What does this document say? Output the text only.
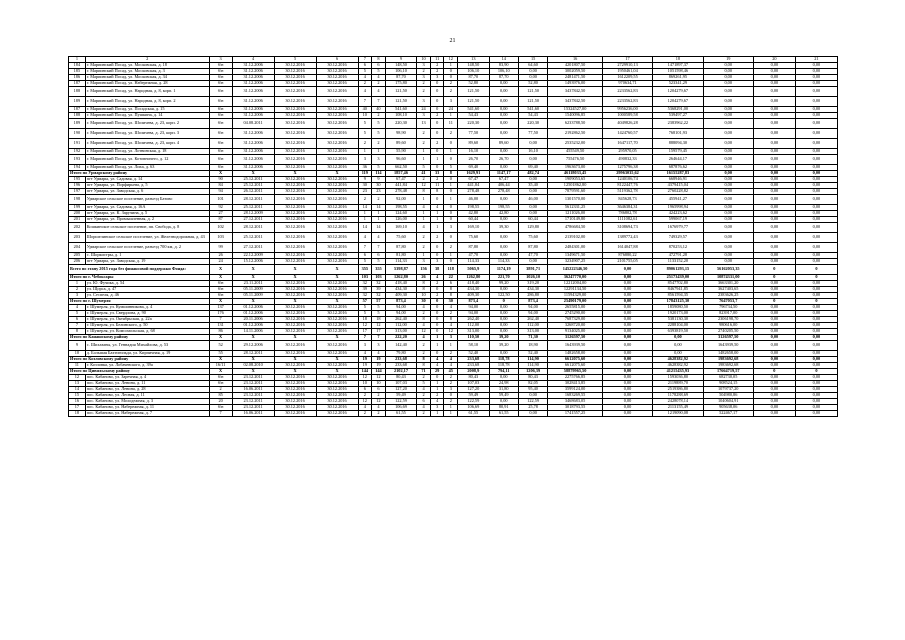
21
1	2	3	4	5	6	7	8	9	10	11	12	13	14	15	16	17	18	19	20	21
184	г. Мариинский Посад, ул. Московская, д. 18	б/н	31.12.2006	30.12.2016	30.12.2016	6	6	148,50	3	2	1	148,50	83,90	64,60	4201807,50	2729910,13	1471897,37	0,00	0,00	0,00
185	г. Мариинский Посад, ул. Московская, д. 3	б/н	31.12.2006	30.12.2016	30.12.2016	5	5	106,10	2	2	0	106,10	106,10	0,00	3002059,50	1950461,04	1051598,46	0,00	0,00	0,00
186	г. Мариинский Посад, ул. Московская, д. 34	б/н	31.12.2006	30.12.2016	30.12.2016	4	4	87,70	3	3	0	87,70	87,70	0,00	2481471,50	1612209,55	869261,95	0,00	0,00	0,00
187	г. Мариинский Посад, ул. Набережная, д. 28	б/н	31.12.2006	30.12.2016	30.12.2016	2	2	175,80	2	0	2	52,80	0,00	52,80	1493976,00	970634,71	523341,29	0,00	0,00	0,00
188	г. Мариинский Посад, ул. Народная, д. 8, корп. 1	б/н	31.12.2006	30.12.2016	30.12.2016	4	4	121,50	2	0	2	121,50	0,00	121,50	3437842,50	2233562,83	1204279,67	0,00	0,00	0,00
189	г. Мариинский Посад, ул. Народная, д. 8, корп. 2	б/н	31.12.2006	30.12.2016	30.12.2016	7	7	121,50	3	0	3	121,50	0,00	121,50	3437842,50	2233562,83	1204279,67	0,00	0,00	0,00
187	г. Мариинский Посад, ул. Посадская, д. 15	б/н	31.12.2006	30.12.2016	30.12.2016	40	40	541,60	24	0	24	541,60	0,00	541,60	15324527,00	9956236,00	5368291,00	0,00	0,00	0,00
188	г. Мариинский Посад, ул. Пушкина, д. 14	б/н	31.12.2006	30.12.2016	30.12.2016	10	2	108,10	3	2	1	54,43	0,00	54,43	1540096,85	1000589,58	539497,27	0,00	0,00	0,00
189	г. Мариинский Посад, ул. Шоличева, д. 23, корп. 2	б/н	04.08.2011	30.12.2016	30.12.2016	5	5	220,30	13	0	11	220,30	0,00	220,30	6233788,50	4049826,28	2383962,22	0,00	0,00	0,00
190	г. Мариинский Посад, ул. Шоличева, д. 23, корп. 3	б/н	31.12.2006	30.12.2016	30.12.2016	5	5	98,90	2	0	2	77,50	0,00	77,50	2192862,50	1424760,57	768101,93	0,00	0,00	0,00
191	г. Мариинский Посад, ул. Шоличева, д. 23, корп. 4	б/н	31.12.2006	30.12.2016	30.12.2016	2	2	89,60	2	2	0	89,60	89,60	0,00	2535232,00	1647117,70	888094,30	0,00	0,00	0,00
192	г. Мариинский Посад, ул. Лотвинская, д. 18	б/н	31.12.2006	30.12.2016	30.12.2016	1	1	55,90	1	0	1	16,10	0,00	16,10	455549,50	295970,05	159579,45	0,00	0,00	0,00
193	г. Мариинский Посад, ул. Котовничего, д. 12	б/н	31.12.2006	30.12.2016	30.12.2016	3	3	96,60	1	1	0	26,70	26,70	0,00	755476,50	490832,33	264644,17	0,00	0,00	0,00
194	г. Мариинский Посад, ул. Лиха, д. 63	б/н	31.12.2006	30.12.2016	30.12.2016	36	5	662,50	5	0	5	69,40	0,00	69,40	1963673,00	1275796,38	687876,62	0,00	0,00	0,00
Итого по Урмарскому району		X	X	X	X	119	114	1857,46	41	33	8	1629,91	1147,17	482,74	46118033,45	29963035,62	16155287,83	0,00	0,00	0,00
195	пгт Урмары, ул. Садовая, д. 14	90	25.12.2011	30.12.2016	30.12.2016	9	9	67,47	2	2	0	67,47	67,47	0,00	1909053,65	1240106,74	668946,91	0,00	0,00	0,00
196	пгт Урмары, ул. Порфирьева, д. 5	84	25.12.2011	30.12.2016	30.12.2016	30	30	441,84	12	11	1	441,84	406,44	35,40	12501862,80	8122447,76	4379415,04	0,00	0,00	0,00
197	пгт Урмары, ул. Заводская, д. 6	94	26.12.2011	30.12.2016	30.12.2016	23	23	278,48	8	8	0	278,48	278,48	0,00	7879591,60	5119362,78	2760228,82	0,00	0,00	0,00
198	Урмарское сельское поселение, разъезд Батово	101	28.12.2011	30.12.2016	30.12.2016	2	2	92,00	1	0	1	46,00	0,00	46,00	1301570,00	845628,73	455941,27	0,00	0,00	0,00
199	пгт Урмары, ул. Садовая, д. 16А	92	25.12.2011	30.12.2016	30.12.2016	14	14	198,55	4	4	0	198,55	198,55	0,00	5612331,25	3646384,31	1965998,94	0,00	0,00	0,00
200	пгт Урмары, ул. К. Заручина, д. 5	27	28.12.2009	30.12.2016	30.12.2016	1	1	124,60	1	1	0	42,80	42,80	0,00	1211026,00	786802,78	424223,62	0,00	0,00	0,00
201	пгт Урмары, ул. Промышленная, д. 2	87	27.12.2011	30.12.2016	30.12.2016	1	1	126,00	1	1	0	60,44	0,00	60,44	1710149,80	1111082,61	599067,19	0,00	0,00	0,00
202	Кошкинское сельское поселение, пп. Свобода, д. 8	102	28.12.2011	30.12.2016	30.12.2016	14	14	169,10	4	1	3	169,10	39,30	129,80	4786684,50	3108694,73	1676979,77	0,00	0,00	0,00
203	Шоршелинское сельское поселение, ул. Железнодорожная, д. 43	103	25.12.2011	30.12.2016	30.12.2016	4	4	75,60	2	2	0	75,60	0,00	75,60	2139102,00	1389772,43	749329,57	0,00	0,00	0,00
204	Урмарское сельское поселение, разъезд 700 км, д. 2	99	27.12.2011	30.12.2016	30.12.2016	7	7	87,80	2	0	2	87,80	0,00	87,80	2484301,00	1614047,88	870253,12	0,00	0,00	0,00
205	с. Шоркистры, д. 1	26	22.12.2009	30.12.2016	30.12.2016	6	6	81,80	1	0	1	47,70	0,00	47,70	1349671,50	876880,22	472791,28	0,00	0,00	0,00
206	пгт Урмары, ул. Заводская, д. 19	24	15.12.2006	30.12.2016	30.12.2016	5	5	114,33	3	3	0	114,33	114,33	0,00	3234907,25	2101755,05	1133152,20	0,00	0,00	0,00
Всего по этапу 2015 года без финансовой поддержки Фонда:		X	X	X	X	355	355	5398,87	156	38	118	5065,9	1174,19	3891,71	145222346,50	0,00	89061293,15	56162053,35	0	0
Итого по г. Чебоксары		X	X	X	X	103	103	1262,80	26	4	22	1262,80	221,70	1026,10	36247770,00	0,00	25173439,00	10874331,00	0	0
1	ул. Ю. Фучика, д. 54	б/н	23.11.2011	30.12.2016	30.12.2016	32	32	418,40	8	2	6	418,40	99,20	319,20	12212004,00	0,00	8547702,80	3663301,20	0,00	0,00
2	ул. Щорса, д. 47	б/н	05.11.2009	30.12.2016	30.12.2016	39	39	434,30	8	0	8	434,30	0,00	434,30	12291134,50	0,00	8467941,85	3627403,65	0,00	0,00
3	ул. Сеспеля, д. 46	б/н	05.11.2009	30.12.2016	30.12.2016	32	32	409,30	10	2	8	409,30	122,50	286,80	11594329,00	0,00	8561594,35	2383626,25	0,00	0,00
Итого по г. Шумерля		X	X	X	X	57	57	873,4	30	0	30	873,4	0	873,4	25490179,00	0,00	17843125,30	7647053,7	0	0
4	г. Шумерля, ул. Кумшинникова, д. 4	137	01.12.2006	30.12.2016	30.12.2016	5	5	94,00	4	0	4	94,00	0,00	94,00	2655815,00	0,00	1859080,50	796734,50	0,00	0,00
5	г. Шумерля, ул. Свердлова, д. 90	176	01.12.2006	30.12.2016	30.12.2016	5	5	94,00	2	0	2	94,00	0,00	94,00	2745290,00	0,00	1920173,00	823917,00	0,00	0,00
6	г. Шумерля, ул. Октябрьская, д. 22а	7	20.11.2006	30.12.2016	30.12.2016	18	18	262,40	8	0	8	262,40	0,00	262,40	7687329,00	0,00	5381130,30	2306198,70	0,00	0,00
7	г. Шумерля, ул. Белинского, д. 50	131	01.12.2006	30.12.2016	30.12.2016	12	12	112,00	4	0	4	112,00	0,00	112,00	3268720,00	0,00	2288104,00	980616,00	0,00	0,00
8	г. Шумерля, ул. Комсомольская, д. 68	86	14.11.2006	30.12.2016	30.12.2016	17	17	313,00	12	0	12	313,00	0,00	313,00	9134025,00	0,00	6393819,50	2740205,50	0,00	0,00
Итого по Канашскому району		X	X	X	X	7	7	222,20	4	1	3	110,50	39,20	71,30	3126597,50	0,00	0,00	3126597,50	0,00	0,00
9	с. Шихазаны, ул. Геннадия Михайлова, д. 53	52	29.12.2006	30.12.2016	30.12.2016	3	3	142,40	2	1	1	58,10	39,20	18,90	1643939,50	0,00	0,00	1643939,50	0,00	0,00
10	д. Большая Бахтигильда, ул. Кирпичная, д. 19	55	28.12.2011	30.12.2016	30.12.2016	4	4	79,80	2	0	2	52,40	0,00	52,40	1482658,00	0,00	0,00	1482658,00	0,00	0,00
Итого по Козловскому району		X	X	X	X	19	19	233,68	8	4	4	233,68	118,78	114,90	6612075,60	0,00	4628382,92	1983692,68	0,00	0,00
11	г. Козловка, ул. Лобачевского, д. 39а	16/11	02.08.2010	30.12.2016	30.12.2016	19	19	233,68	8	4	4	233,68	118,78	114,90	6612075,60	0,00	4628382,92	1983692,68	0,00	0,00
Итого по Цивильскому району		X	X	X	X	144	144	2102,17	71	29	45	2008,9	794,11	1206,39	58879965,50	0,00	41215435,93	17664719,57	0	0
12	пос. Кабаново, ул. Заречная, д. 4	б/н	23.12.2011	30.12.2016	30.12.2016	12	12	80,43	2	0	2	80,43	0,00	80,43	2275766,85	0,00	1593036,80	682730,05	0,00	0,00
13	пос. Кабаново, ул. Ленина, д. 11	б/н	23.12.2011	30.12.2016	30.12.2016	10	10	107,03	5	1	2	107,03	24,98	82,05	3028413,85	0,00	2119889,70	908524,15	0,00	0,00
14	пос. Кабаново, ул. Ленина, д. 28	2	16.06.2011	30.12.2016	30.12.2016	6	6	127,20	4	1	3	127,20	31,80	95,40	3599124,00	0,00	2519386,80	1079737,20	0,00	0,00
15	пос. Кабаново, ул. Лесная, д. 11	85	23.12.2011	30.12.2016	30.12.2016	2	2	59,49	2	2	0	59,49	59,49	0,00	1683269,55	0,00	1178288,69	504980,86	0,00	0,00
16	пос. Кабаново, ул. Молодежная, д. 3	20	23.12.2011	30.12.2016	30.12.2016	12	12	122,59	6	4	2	122,59	0,00	122,59	3468683,05	0,00	2428078,14	1040604,91	0,00	0,00
17	пос. Кабаново, ул. Набережная, д. 11	б/н	23.12.2011	30.12.2016	30.12.2016	4	4	106,69	4	3	1	106,69	80,91	25,78	3018793,55	0,00	2113155,49	905638,06	0,00	0,00
18	пос. Кабаново, ул. Набережная, д. 7	7	16.06.2011	30.12.2016	30.12.2016	2	2	61,55	2	1	1	61,55	61,55	0,00	1741557,25	0,00	1219090,08	522467,17	0,00	0,00
